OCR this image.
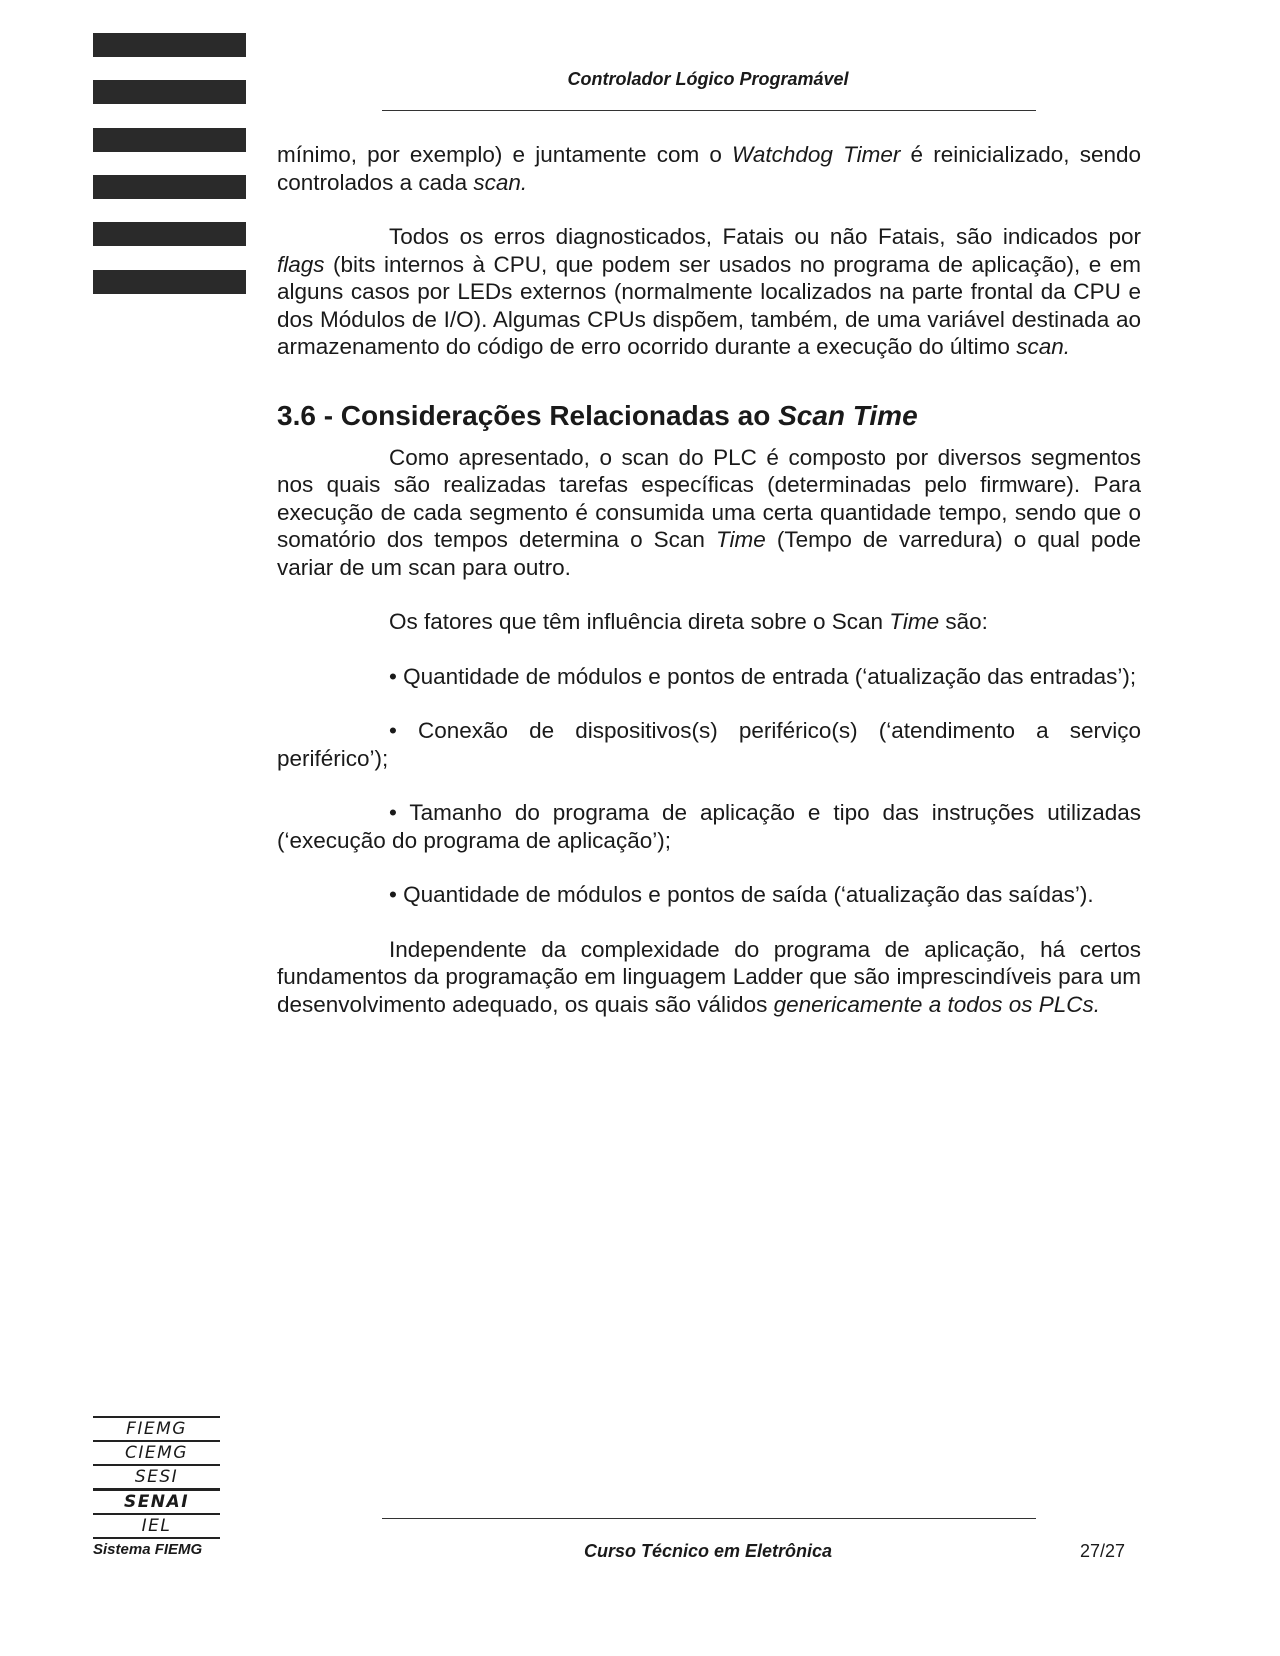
Controlador Lógico Programável

mínimo, por exemplo) e juntamente com o Watchdog Timer é reinicializado, sendo controlados a cada scan.

Todos os erros diagnosticados, Fatais ou não Fatais, são indicados por flags (bits internos à CPU, que podem ser usados no programa de aplicação), e em alguns casos por LEDs externos (normalmente localizados na parte frontal da CPU e dos Módulos de I/O). Algumas CPUs dispõem, também, de uma variável destinada ao armazenamento do código de erro ocorrido durante a execução do último scan.

3.6 - Considerações Relacionadas ao Scan Time

Como apresentado, o scan do PLC é composto por diversos segmentos nos quais são realizadas tarefas específicas (determinadas pelo firmware). Para execução de cada segmento é consumida uma certa quantidade tempo, sendo que o somatório dos tempos determina o Scan Time (Tempo de varredura) o qual pode variar de um scan para outro.

Os fatores que têm influência direta sobre o Scan Time são:

• Quantidade de módulos e pontos de entrada (‘atualização das entradas’);

• Conexão de dispositivos(s) periférico(s) (‘atendimento a serviço periférico’);

• Tamanho do programa de aplicação e tipo das instruções utilizadas (‘execução do programa de aplicação’);

• Quantidade de módulos e pontos de saída (‘atualização das saídas’).

Independente da complexidade do programa de aplicação, há certos fundamentos da programação em linguagem Ladder que são imprescindíveis para um desenvolvimento adequado, os quais são válidos genericamente a todos os PLCs.

FIEMG
CIEMG
SESI
SENAI
IEL
Sistema FIEMG	Curso Técnico em Eletrônica	27/27
